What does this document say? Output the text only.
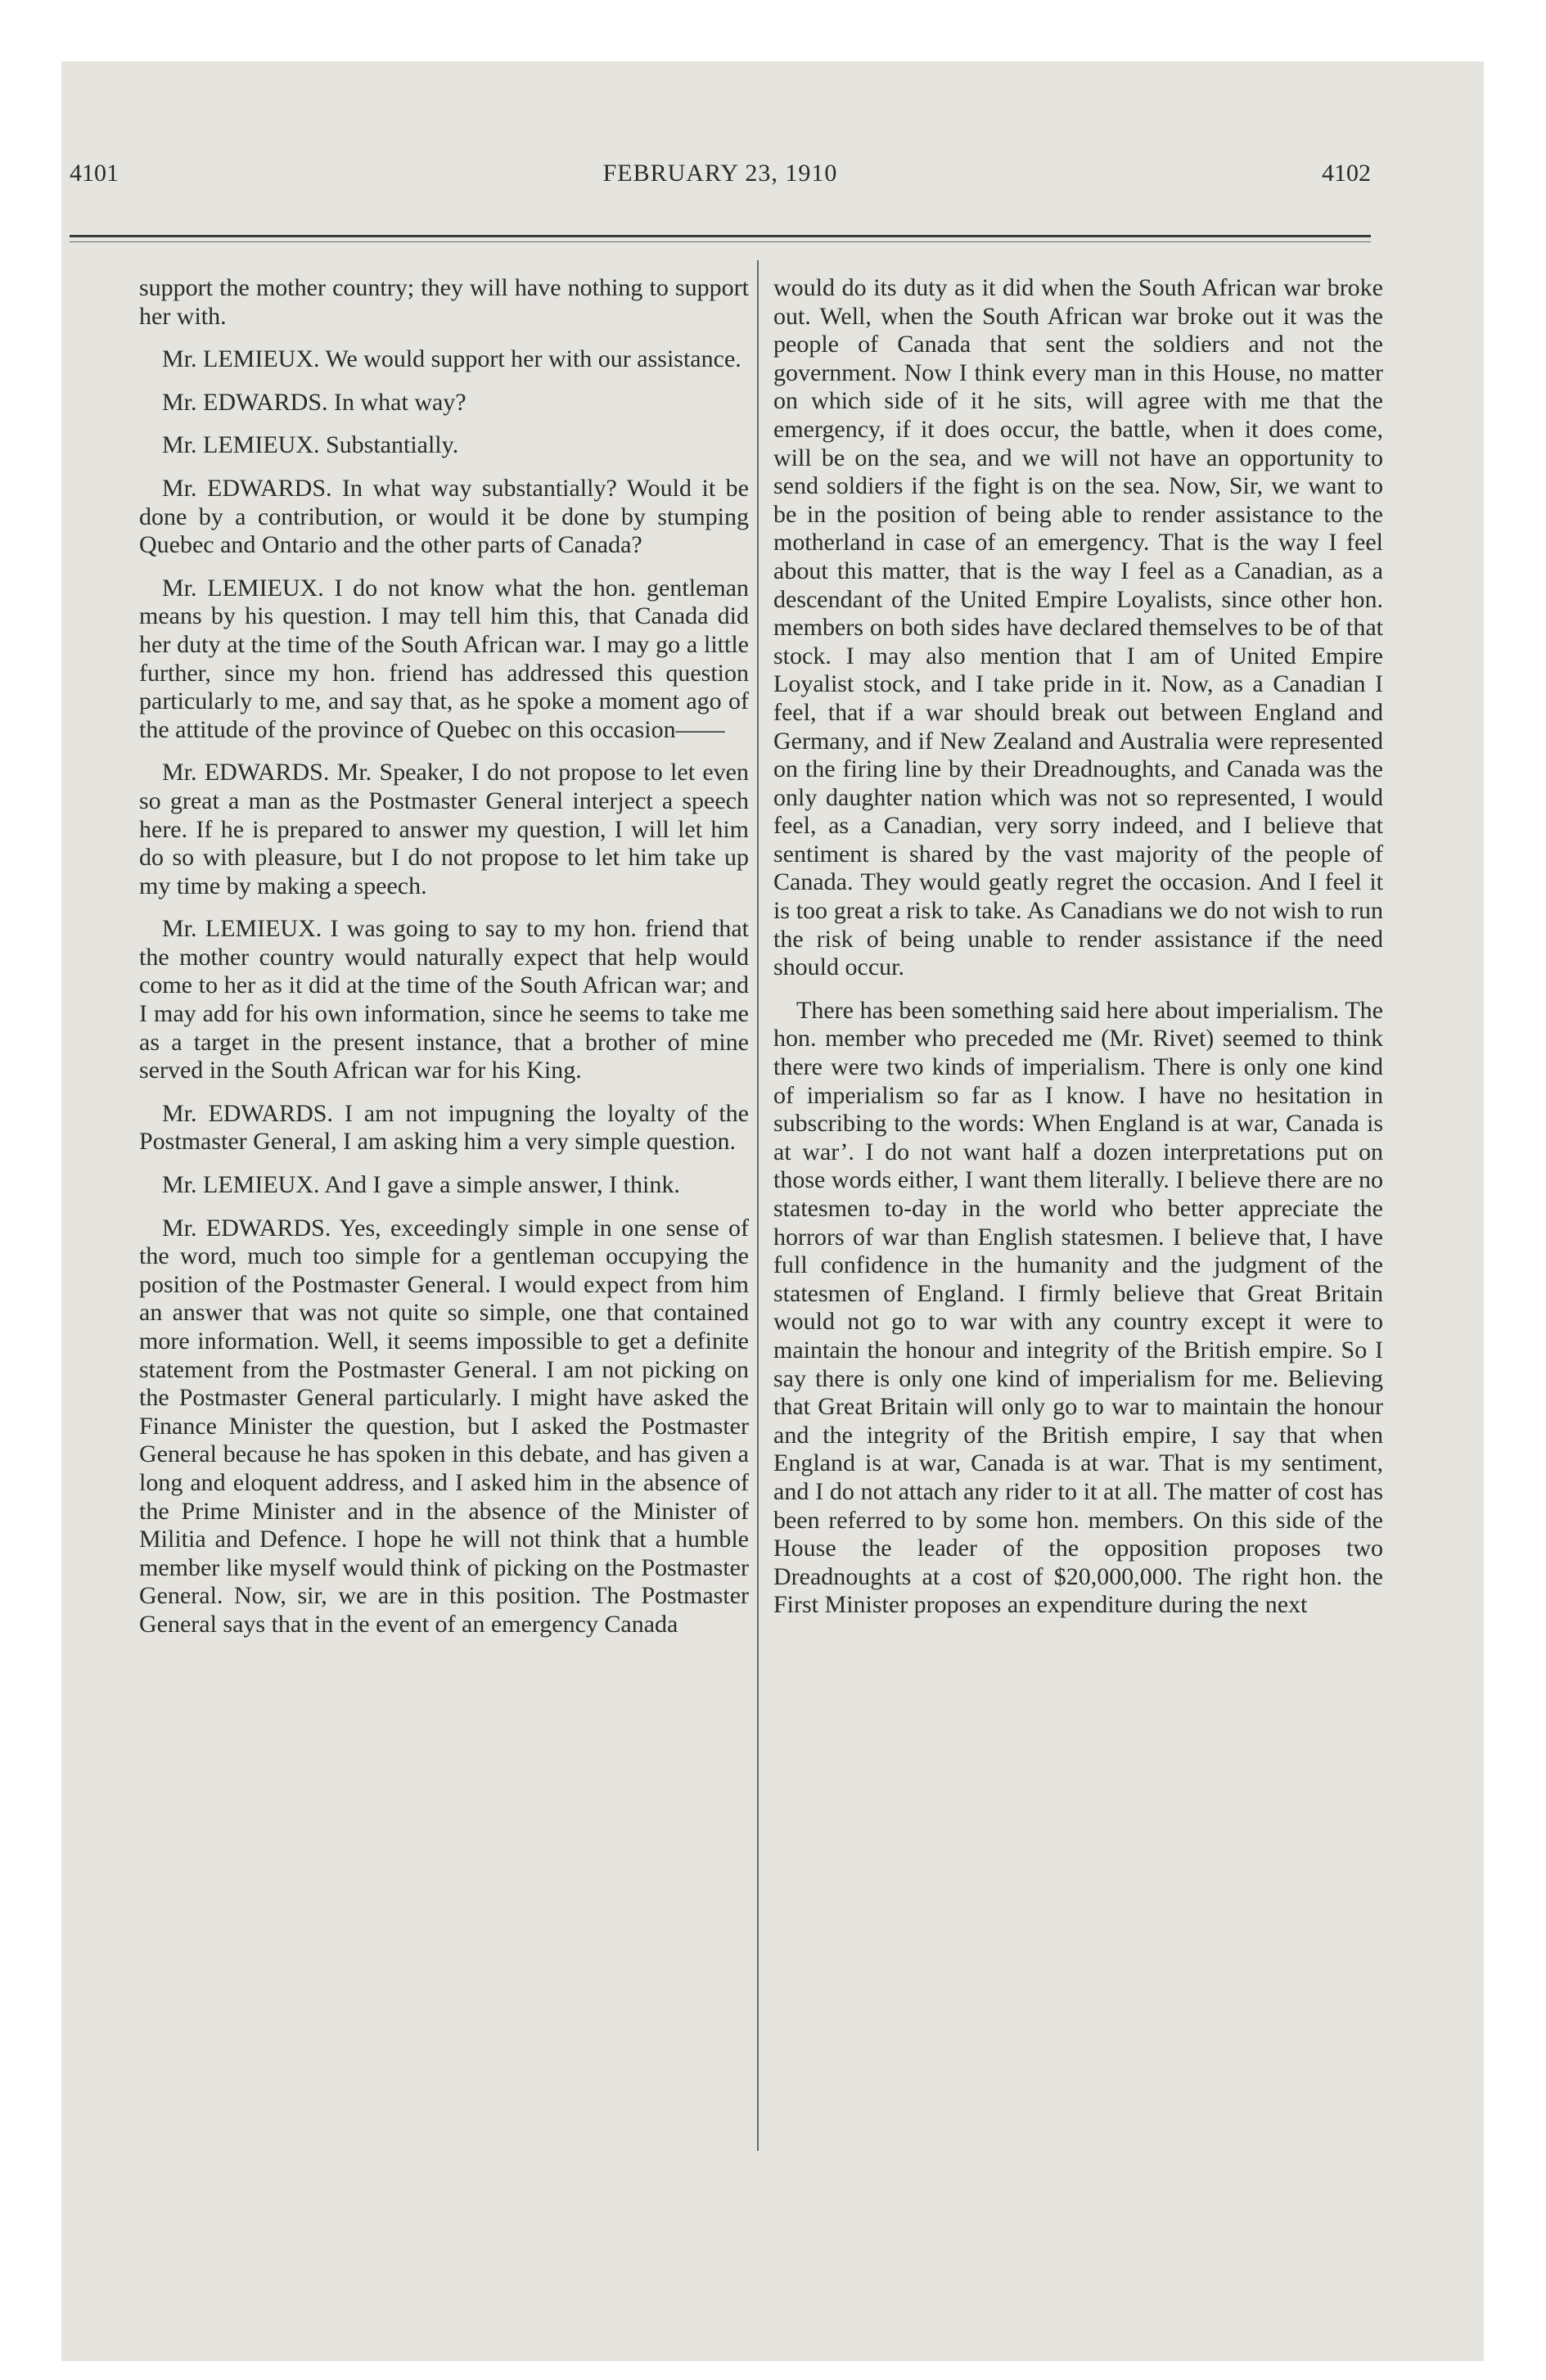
4101	FEBRUARY 23, 1910	4102

support the mother country; they will have nothing to support her with.

Mr. LEMIEUX. We would support her with our assistance.

Mr. EDWARDS. In what way?

Mr. LEMIEUX. Substantially.

Mr. EDWARDS. In what way substantially? Would it be done by a contribution, or would it be done by stumping Quebec and Ontario and the other parts of Canada?

Mr. LEMIEUX. I do not know what the hon. gentleman means by his question. I may tell him this, that Canada did her duty at the time of the South African war. I may go a little further, since my hon. friend has addressed this question particularly to me, and say that, as he spoke a moment ago of the attitude of the province of Quebec on this occasion——

Mr. EDWARDS. Mr. Speaker, I do not propose to let even so great a man as the Postmaster General interject a speech here. If he is prepared to answer my question, I will let him do so with pleasure, but I do not propose to let him take up my time by making a speech.

Mr. LEMIEUX. I was going to say to my hon. friend that the mother country would naturally expect that help would come to her as it did at the time of the South African war; and I may add for his own information, since he seems to take me as a target in the present instance, that a brother of mine served in the South African war for his King.

Mr. EDWARDS. I am not impugning the loyalty of the Postmaster General, I am asking him a very simple question.

Mr. LEMIEUX. And I gave a simple answer, I think.

Mr. EDWARDS. Yes, exceedingly simple in one sense of the word, much too simple for a gentleman occupying the position of the Postmaster General. I would expect from him an answer that was not quite so simple, one that contained more information. Well, it seems impossible to get a definite statement from the Postmaster General. I am not picking on the Postmaster General particularly. I might have asked the Finance Minister the question, but I asked the Postmaster General because he has spoken in this debate, and has given a long and eloquent address, and I asked him in the absence of the Prime Minister and in the absence of the Minister of Militia and Defence. I hope he will not think that a humble member like myself would think of picking on the Postmaster General. Now, sir, we are in this position. The Postmaster General says that in the event of an emergency Canada

would do its duty as it did when the South African war broke out. Well, when the South African war broke out it was the people of Canada that sent the soldiers and not the government. Now I think every man in this House, no matter on which side of it he sits, will agree with me that the emergency, if it does occur, the battle, when it does come, will be on the sea, and we will not have an opportunity to send soldiers if the fight is on the sea. Now, Sir, we want to be in the position of being able to render assistance to the motherland in case of an emergency. That is the way I feel about this matter, that is the way I feel as a Canadian, as a descendant of the United Empire Loyalists, since other hon. members on both sides have declared themselves to be of that stock. I may also mention that I am of United Empire Loyalist stock, and I take pride in it. Now, as a Canadian I feel, that if a war should break out between England and Germany, and if New Zealand and Australia were represented on the firing line by their Dreadnoughts, and Canada was the only daughter nation which was not so represented, I would feel, as a Canadian, very sorry indeed, and I believe that sentiment is shared by the vast majority of the people of Canada. They would geatly regret the occasion. And I feel it is too great a risk to take. As Canadians we do not wish to run the risk of being unable to render assistance if the need should occur.

There has been something said here about imperialism. The hon. member who preceded me (Mr. Rivet) seemed to think there were two kinds of imperialism. There is only one kind of imperialism so far as I know. I have no hesitation in subscribing to the words: When England is at war, Canada is at war’. I do not want half a dozen interpretations put on those words either, I want them literally. I believe there are no statesmen to-day in the world who better appreciate the horrors of war than English statesmen. I believe that, I have full confidence in the humanity and the judgment of the statesmen of England. I firmly believe that Great Britain would not go to war with any country except it were to maintain the honour and integrity of the British empire. So I say there is only one kind of imperialism for me. Believing that Great Britain will only go to war to maintain the honour and the integrity of the British empire, I say that when England is at war, Canada is at war. That is my sentiment, and I do not attach any rider to it at all. The matter of cost has been referred to by some hon. members. On this side of the House the leader of the opposition proposes two Dreadnoughts at a cost of $20,000,000. The right hon. the First Minister proposes an expenditure during the next
